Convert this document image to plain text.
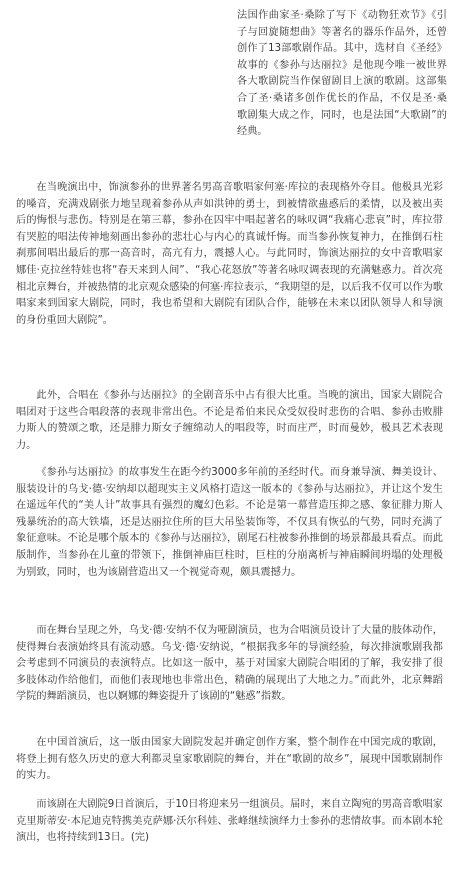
法国作曲家圣·桑除了写下《动物狂欢节》《引子与回旋随想曲》等著名的器乐作品外，还曾创作了13部歌剧作品。其中，选材自《圣经》故事的《参孙与达丽拉》是他现今唯一被世界各大歌剧院当作保留剧目上演的歌剧。这部集合了圣·桑诸多创作优长的作品，不仅是圣·桑歌剧集大成之作，同时，也是法国“大歌剧”的经典。

在当晚演出中，饰演参孙的世界著名男高音歌唱家何塞·库拉的表现格外夺目。他极具光彩的嗓音，充满戏剧张力地呈现着参孙从声如洪钟的勇士，到被情欲蛊惑后的柔情，以及被出卖后的悔恨与悲伤。特别是在第三幕，参孙在囚牢中唱起著名的咏叹调“我痛心悲哀”时，库拉带有哭腔的唱法传神地刻画出参孙的悲壮心与内心的真诚忏悔。而当参孙恢复神力，在推倒石柱刹那间唱出最后的那一高音时，高亢有力，震撼人心。与此同时，饰演达丽拉的女中音歌唱家娜佳·克拉丝特娃也将“春天来到人间”、“我心花怒放”等著名咏叹调表现的充满魅惑力。首次亮相北京舞台，并被热情的北京观众感染的何塞·库拉表示，“我期望的是，以后我不仅可以作为歌唱家来到国家大剧院，同时，我也希望和大剧院有团队合作，能够在未来以团队领导人和导演的身份重回大剧院”。

此外，合唱在《参孙与达丽拉》的全剧音乐中占有很大比重。当晚的演出，国家大剧院合唱团对于这些合唱段落的表现非常出色。不论是希伯来民众受奴役时悲伤的合唱、参孙击败腓力斯人的赞颂之歌，还是腓力斯女子缠绵动人的唱段等，时而庄严，时而曼妙，极具艺术表现力。

《参孙与达丽拉》的故事发生在距今约3000多年前的圣经时代。而身兼导演、舞美设计、服装设计的乌戈·德·安纳却以超现实主义风格打造这一版本的《参孙与达丽拉》，并让这个发生在遥远年代的“美人计”故事具有强烈的魔幻色彩。不论是第一幕营造压抑之感、象征腓力斯人残暴统治的高大铁墙，还是达丽拉住所的巨大吊坠装饰等，不仅具有恢弘的气势，同时充满了象征意味。不论是哪个版本的《参孙与达丽拉》，剧尾石柱被参孙推倒的场景都最具看点。而此版制作，当参孙在儿童的带领下，推倒神庙巨柱时，巨柱的分崩离析与神庙瞬间坍塌的处理极为别致，同时，也为该剧营造出又一个视觉奇观，颇具震撼力。

而在舞台呈现之外，乌戈·德·安纳不仅为哑剧演员，也为合唱演员设计了大量的肢体动作，使得舞台表演始终具有流动感。乌戈·德·安纳说，“根据我多年的导演经验，每次排演歌剧我都会考虑到不同演员的表演特点。比如这一版中，基于对国家大剧院合唱团的了解，我安排了很多肢体动作给他们，而他们表现地也非常出色，精确的展现出了大地之力。”而此外，北京舞蹈学院的舞蹈演员，也以婀娜的舞姿提升了该剧的“魅惑”指数。

在中国首演后，这一版由国家大剧院发起并确定创作方案，整个制作在中国完成的歌剧，将登上拥有悠久历史的意大利都灵皇家歌剧院的舞台，并在“歌剧的故乡”，展现中国歌剧制作的实力。

而该剧在大剧院9日首演后，于10日将迎来另一组演员。届时，来自立陶宛的男高音歌唱家克里斯蒂安·本尼迪克特携美克萨娜·沃尔科娃、张峰继续演绎力士参孙的悲情故事。而本剧本轮演出，也将持续到13日。(完)
